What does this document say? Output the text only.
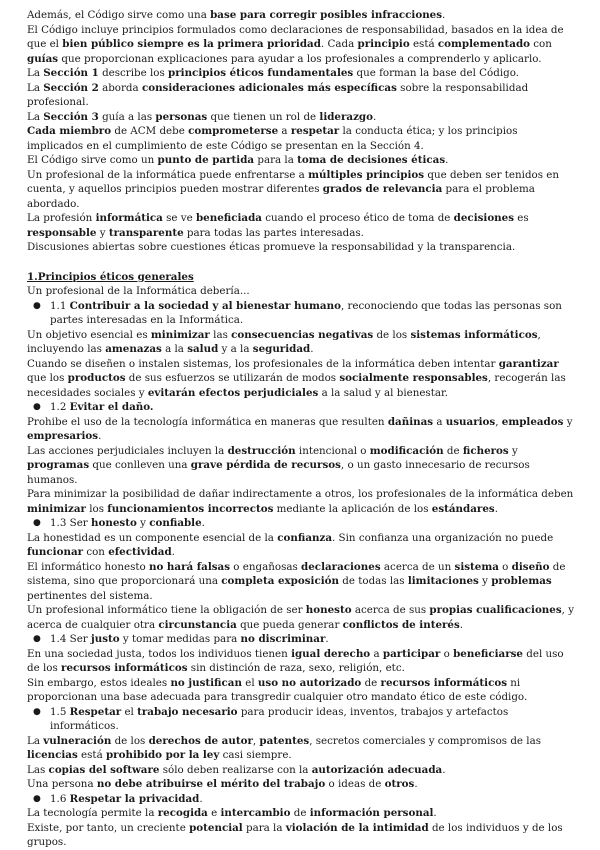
Además, el Código sirve como una base para corregir posibles infracciones.
El Código incluye principios formulados como declaraciones de responsabilidad, basados en la idea de que el bien público siempre es la primera prioridad. Cada principio está complementado con guías que proporcionan explicaciones para ayudar a los profesionales a comprenderlo y aplicarlo.
La Sección 1 describe los principios éticos fundamentales que forman la base del Código.
La Sección 2 aborda consideraciones adicionales más específicas sobre la responsabilidad profesional.
La Sección 3 guía a las personas que tienen un rol de liderazgo.
Cada miembro de ACM debe comprometerse a respetar la conducta ética; y los principios implicados en el cumplimiento de este Código se presentan en la Sección 4.
El Código sirve como un punto de partida para la toma de decisiones éticas.
Un profesional de la informática puede enfrentarse a múltiples principios que deben ser tenidos en cuenta, y aquellos principios pueden mostrar diferentes grados de relevancia para el problema abordado.
La profesión informática se ve beneficiada cuando el proceso ético de toma de decisiones es responsable y transparente para todas las partes interesadas.
Discusiones abiertas sobre cuestiones éticas promueve la responsabilidad y la transparencia.
1.Principios éticos generales
Un profesional de la Informática debería...
● 1.1 Contribuir a la sociedad y al bienestar humano, reconociendo que todas las personas son partes interesadas en la Informática.
Un objetivo esencial es minimizar las consecuencias negativas de los sistemas informáticos, incluyendo las amenazas a la salud y a la seguridad.
Cuando se diseñen o instalen sistemas, los profesionales de la informática deben intentar garantizar que los productos de sus esfuerzos se utilizarán de modos socialmente responsables, recogerán las necesidades sociales y evitarán efectos perjudiciales a la salud y al bienestar.
● 1.2 Evitar el daño.
Prohibe el uso de la tecnología informática en maneras que resulten dañinas a usuarios, empleados y empresarios.
Las acciones perjudiciales incluyen la destrucción intencional o modificación de ficheros y programas que conlleven una grave pérdida de recursos, o un gasto innecesario de recursos humanos.
Para minimizar la posibilidad de dañar indirectamente a otros, los profesionales de la informática deben minimizar los funcionamientos incorrectos mediante la aplicación de los estándares.
● 1.3 Ser honesto y confiable.
La honestidad es un componente esencial de la confianza. Sin confianza una organización no puede funcionar con efectividad.
El informático honesto no hará falsas o engañosas declaraciones acerca de un sistema o diseño de sistema, sino que proporcionará una completa exposición de todas las limitaciones y problemas pertinentes del sistema.
Un profesional informático tiene la obligación de ser honesto acerca de sus propias cualificaciones, y acerca de cualquier otra circunstancia que pueda generar conflictos de interés.
● 1.4 Ser justo y tomar medidas para no discriminar.
En una sociedad justa, todos los individuos tienen igual derecho a participar o beneficiarse del uso de los recursos informáticos sin distinción de raza, sexo, religión, etc.
Sin embargo, estos ideales no justifican el uso no autorizado de recursos informáticos ni proporcionan una base adecuada para transgredir cualquier otro mandato ético de este código.
● 1.5 Respetar el trabajo necesario para producir ideas, inventos, trabajos y artefactos informáticos.
La vulneración de los derechos de autor, patentes, secretos comerciales y compromisos de las licencias está prohibido por la ley casi siempre.
Las copias del software sólo deben realizarse con la autorización adecuada.
Una persona no debe atribuirse el mérito del trabajo o ideas de otros.
● 1.6 Respetar la privacidad.
La tecnología permite la recogida e intercambio de información personal.
Existe, por tanto, un creciente potencial para la violación de la intimidad de los individuos y de los grupos.
